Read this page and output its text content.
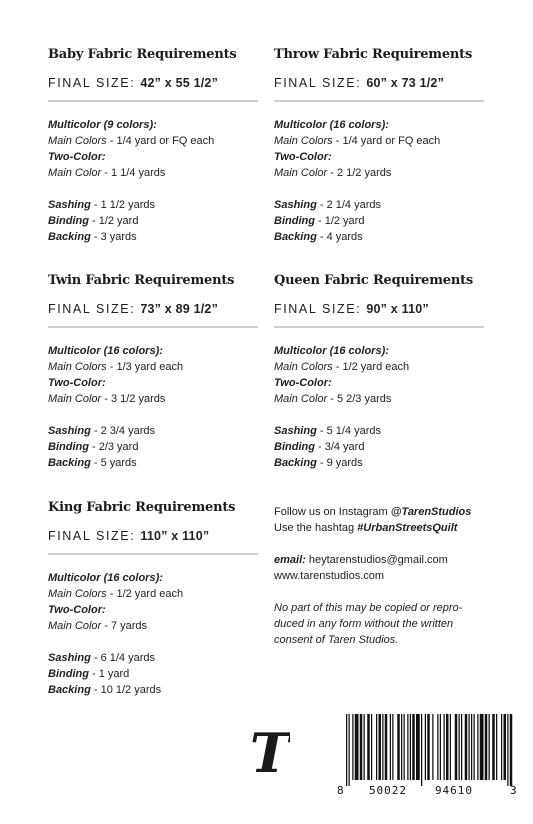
Baby Fabric Requirements
FINAL SIZE: 42” x 55 1/2”
Multicolor (9 colors):
Main Colors - 1/4 yard or FQ each
Two-Color:
Main Color - 1 1/4 yards
Sashing - 1 1/2 yards
Binding - 1/2 yard
Backing - 3 yards
Throw Fabric Requirements
FINAL SIZE: 60” x 73 1/2”
Multicolor (16 colors):
Main Colors - 1/4 yard or FQ each
Two-Color:
Main Color - 2 1/2 yards
Sashing - 2 1/4 yards
Binding - 1/2 yard
Backing - 4 yards
Twin Fabric Requirements
FINAL SIZE: 73” x 89 1/2”
Multicolor (16 colors):
Main Colors - 1/3 yard each
Two-Color:
Main Color - 3 1/2 yards
Sashing - 2 3/4 yards
Binding - 2/3 yard
Backing - 5 yards
Queen Fabric Requirements
FINAL SIZE: 90” x 110”
Multicolor (16 colors):
Main Colors - 1/2 yard each
Two-Color:
Main Color - 5 2/3 yards
Sashing - 5 1/4 yards
Binding - 3/4 yard
Backing - 9 yards
King Fabric Requirements
FINAL SIZE: 110” x 110”
Multicolor (16 colors):
Main Colors - 1/2 yard each
Two-Color:
Main Color - 7 yards
Sashing - 6 1/4 yards
Binding - 1 yard
Backing - 10 1/2 yards
Follow us on Instagram @TarenStudios
Use the hashtag #UrbanStreetsQuilt
email: heytarenstudios@gmail.com
www.tarenstudios.com
No part of this may be copied or repro-
duced in any form without the written
consent of Taren Studios.
T
8 50022	94610	3
